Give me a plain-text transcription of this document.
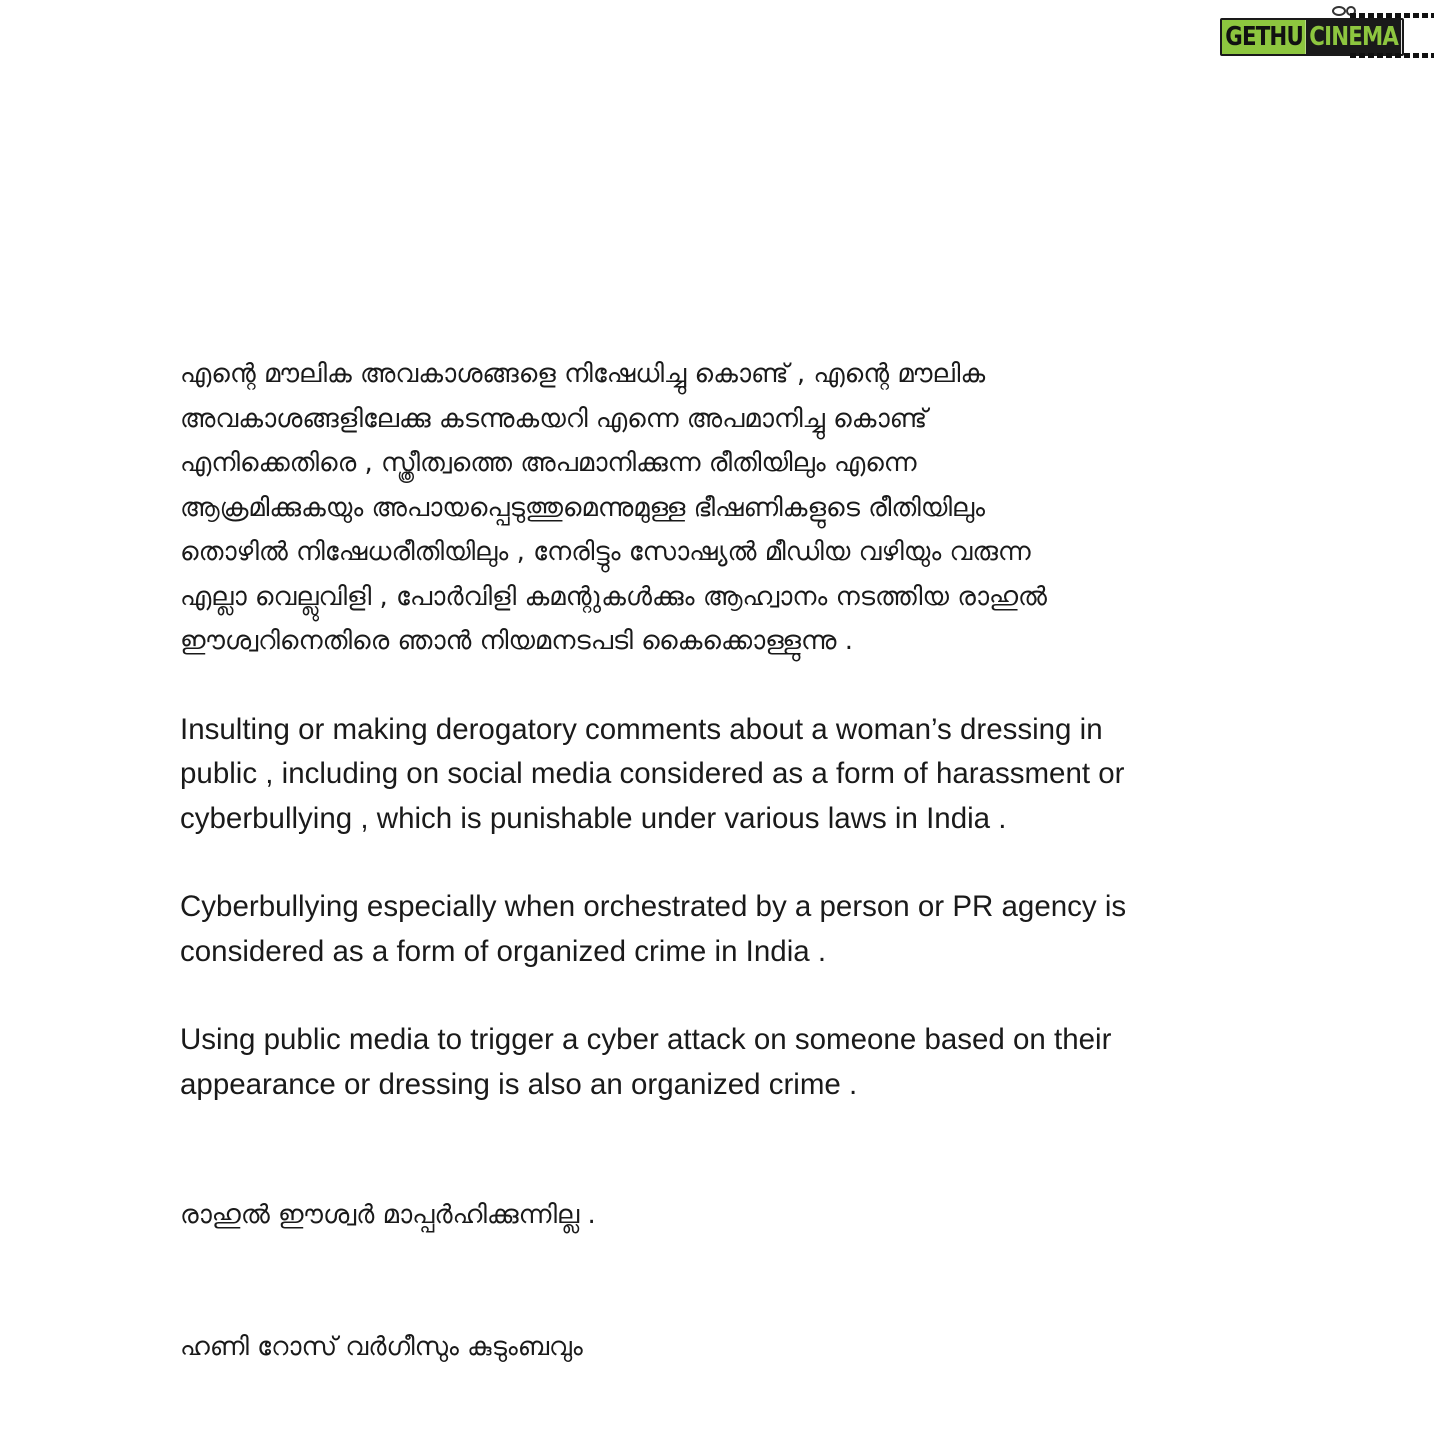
GETHU CINEMA

എന്റെ മൗലിക അവകാശങ്ങളെ നിഷേധിച്ചു കൊണ്ട് , എന്റെ മൗലിക
അവകാശങ്ങളിലേക്കു കടന്നുകയറി എന്നെ അപമാനിച്ചു കൊണ്ട്
എനിക്കെതിരെ , സ്ത്രീത്വത്തെ അപമാനിക്കുന്ന രീതിയിലും എന്നെ
ആക്രമിക്കുകയും അപായപ്പെടുത്തുമെന്നുമുള്ള ഭീഷണികളുടെ രീതിയിലും
തൊഴിൽ നിഷേധരീതിയിലും , നേരിട്ടും സോഷ്യൽ മീഡിയ വഴിയും വരുന്ന
എല്ലാ വെല്ലുവിളി , പോർവിളി കമന്റുകൾക്കും ആഹ്വാനം നടത്തിയ രാഹുൽ
ഈശ്വറിനെതിരെ ഞാൻ നിയമനടപടി കൈക്കൊള്ളുന്നു .

Insulting or making derogatory comments about a woman’s dressing in
public , including on social media considered as a form of harassment or
cyberbullying , which is punishable under various laws in India .

Cyberbullying especially when orchestrated by a person or PR agency is
considered as a form of organized crime in India .

Using public media to trigger a cyber attack on someone based on their
appearance or dressing is also an organized crime .

രാഹുൽ ഈശ്വർ മാപ്പർഹിക്കുന്നില്ല .
ഹണി റോസ് വർഗീസും കുടുംബവും
